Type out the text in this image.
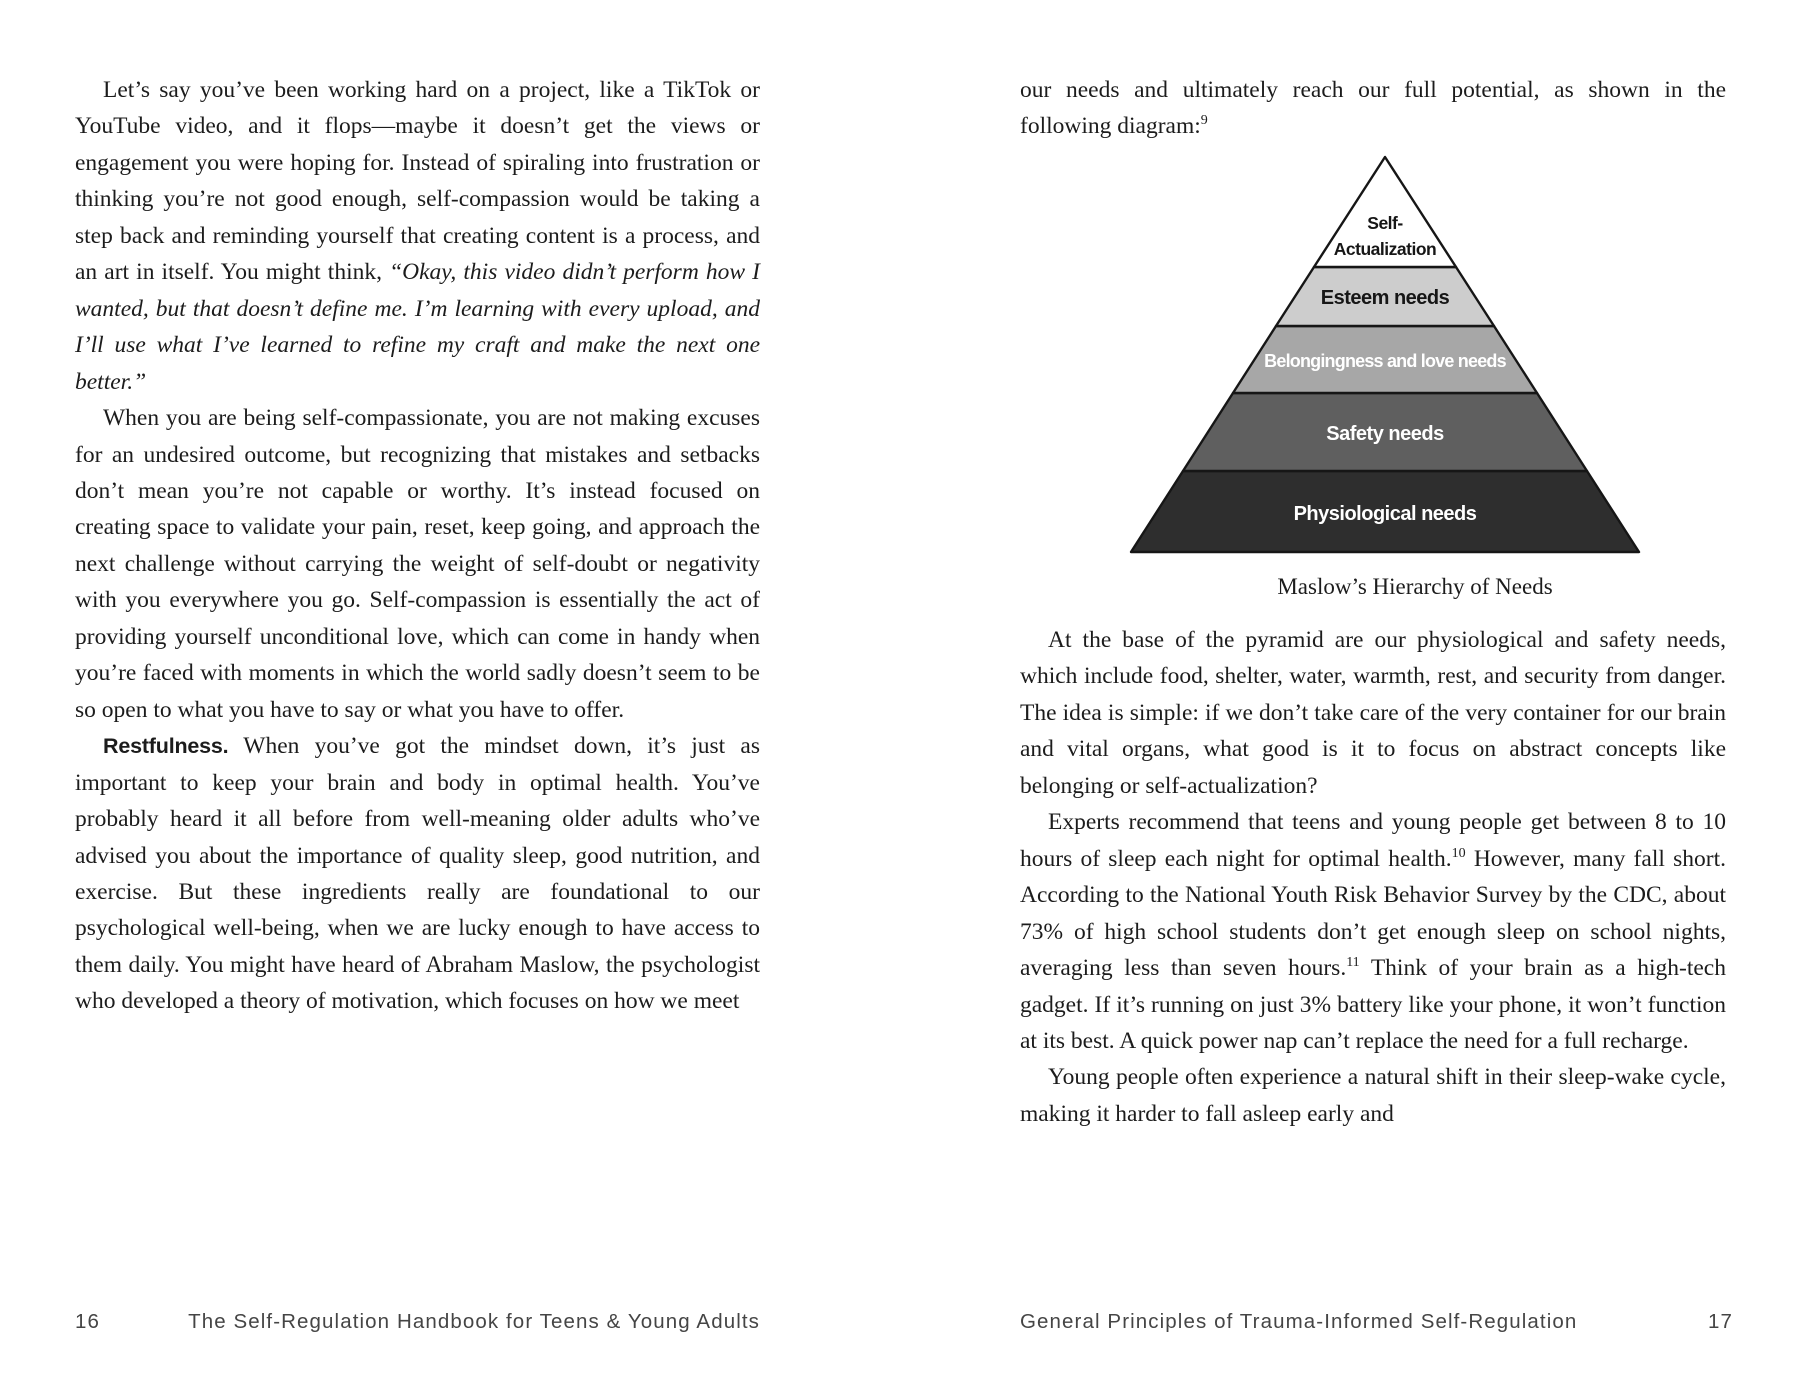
Let’s say you’ve been working hard on a project, like a TikTok or YouTube video, and it flops—maybe it doesn’t get the views or engagement you were hoping for. Instead of spiraling into frustration or thinking you’re not good enough, self-compassion would be taking a step back and reminding yourself that creating content is a process, and an art in itself. You might think, “Okay, this video didn’t perform how I wanted, but that doesn’t define me. I’m learning with every upload, and I’ll use what I’ve learned to refine my craft and make the next one better.”

When you are being self-compassionate, you are not making excuses for an undesired outcome, but recognizing that mistakes and setbacks don’t mean you’re not capable or worthy. It’s instead focused on creating space to validate your pain, reset, keep going, and approach the next challenge without carrying the weight of self-doubt or negativity with you everywhere you go. Self-compassion is essentially the act of providing yourself unconditional love, which can come in handy when you’re faced with moments in which the world sadly doesn’t seem to be so open to what you have to say or what you have to offer.

Restfulness. When you’ve got the mindset down, it’s just as important to keep your brain and body in optimal health. You’ve probably heard it all before from well-meaning older adults who’ve advised you about the importance of quality sleep, good nutrition, and exercise. But these ingredients really are foundational to our psychological well-being, when we are lucky enough to have access to them daily. You might have heard of Abraham Maslow, the psychologist who developed a theory of motivation, which focuses on how we meet

our needs and ultimately reach our full potential, as shown in the following diagram:$^9$

Self-
Actualization
Esteem needs
Belongingness and love needs
Safety needs
Physiological needs
Maslow’s Hierarchy of Needs

At the base of the pyramid are our physiological and safety needs, which include food, shelter, water, warmth, rest, and security from danger. The idea is simple: if we don’t take care of the very container for our brain and vital organs, what good is it to focus on abstract concepts like belonging or self-actualization?

Experts recommend that teens and young people get between 8 to 10 hours of sleep each night for optimal health.$^{10}$ However, many fall short. According to the National Youth Risk Behavior Survey by the CDC, about 73% of high school students don’t get enough sleep on school nights, averaging less than seven hours.$^{11}$ Think of your brain as a high-tech gadget. If it’s running on just 3% battery like your phone, it won’t function at its best. A quick power nap can’t replace the need for a full recharge.

Young people often experience a natural shift in their sleep-wake cycle, making it harder to fall asleep early and

16	The Self-Regulation Handbook for Teens & Young Adults	General Principles of Trauma-Informed Self-Regulation	17
